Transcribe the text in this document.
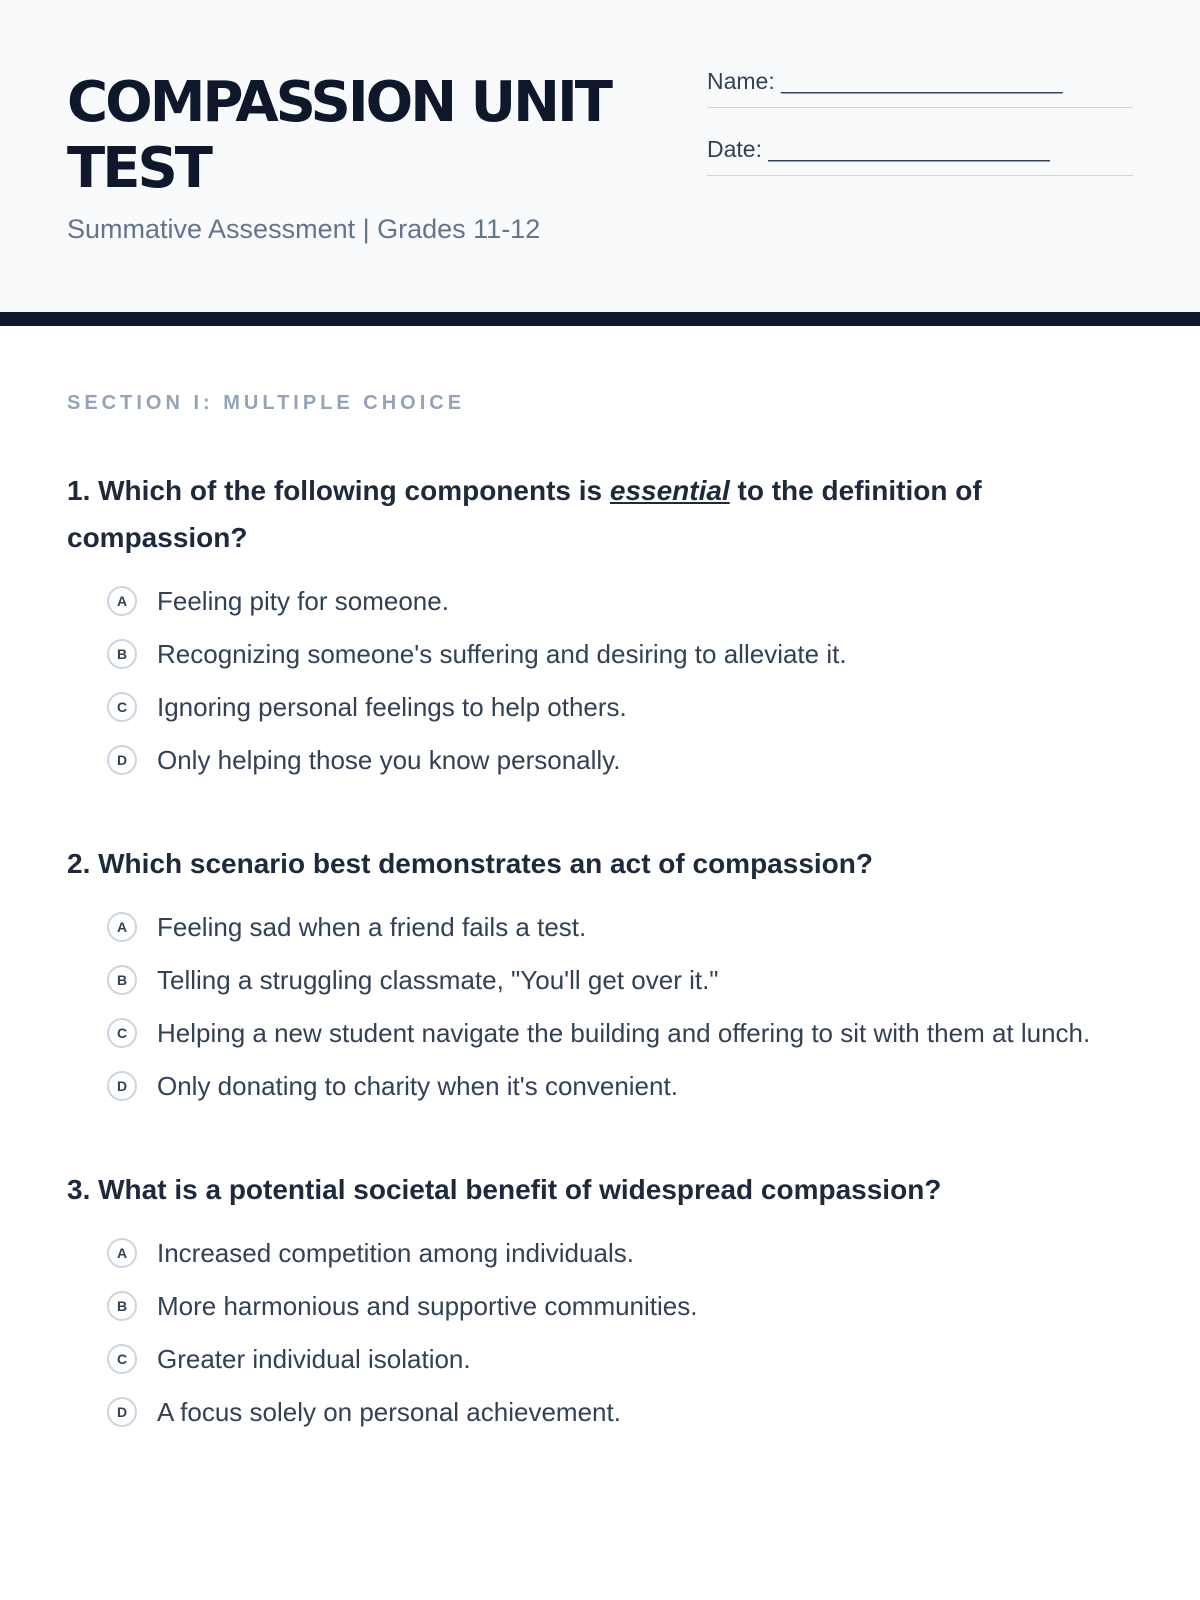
COMPASSION UNIT TEST
Summative Assessment | Grades 11-12
Name: ______________________
Date: ______________________
SECTION I: MULTIPLE CHOICE
1. Which of the following components is essential to the definition of compassion?
A	Feeling pity for someone.
B	Recognizing someone's suffering and desiring to alleviate it.
C	Ignoring personal feelings to help others.
D	Only helping those you know personally.
2. Which scenario best demonstrates an act of compassion?
A	Feeling sad when a friend fails a test.
B	Telling a struggling classmate, "You'll get over it."
C	Helping a new student navigate the building and offering to sit with them at lunch.
D	Only donating to charity when it's convenient.
3. What is a potential societal benefit of widespread compassion?
A	Increased competition among individuals.
B	More harmonious and supportive communities.
C	Greater individual isolation.
D	A focus solely on personal achievement.
